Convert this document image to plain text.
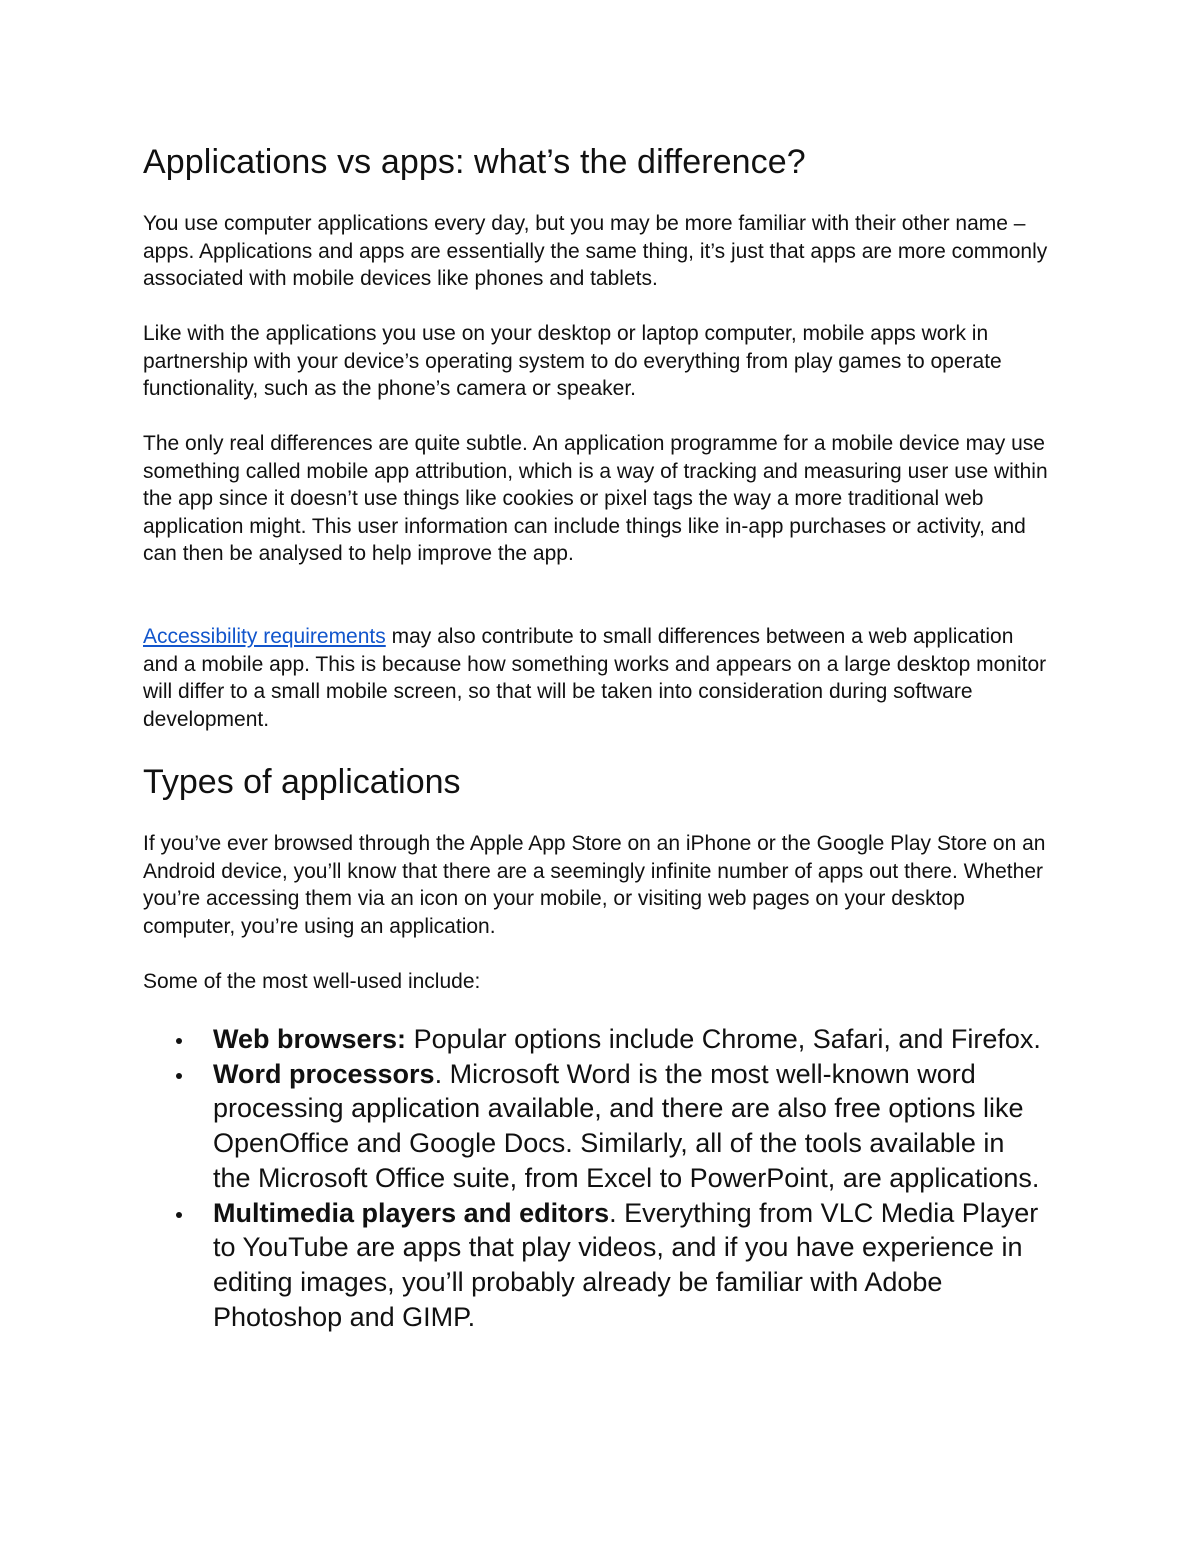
Applications vs apps: what’s the difference?

You use computer applications every day, but you may be more familiar with their other name – apps. Applications and apps are essentially the same thing, it’s just that apps are more commonly associated with mobile devices like phones and tablets.

Like with the applications you use on your desktop or laptop computer, mobile apps work in partnership with your device’s operating system to do everything from play games to operate functionality, such as the phone’s camera or speaker.

The only real differences are quite subtle. An application programme for a mobile device may use something called mobile app attribution, which is a way of tracking and measuring user use within the app since it doesn’t use things like cookies or pixel tags the way a more traditional web application might. This user information can include things like in-app purchases or activity, and can then be analysed to help improve the app.

Accessibility requirements may also contribute to small differences between a web application and a mobile app. This is because how something works and appears on a large desktop monitor will differ to a small mobile screen, so that will be taken into consideration during software development.

Types of applications

If you’ve ever browsed through the Apple App Store on an iPhone or the Google Play Store on an Android device, you’ll know that there are a seemingly infinite number of apps out there. Whether you’re accessing them via an icon on your mobile, or visiting web pages on your desktop computer, you’re using an application.

Some of the most well-used include:

Web browsers: Popular options include Chrome, Safari, and Firefox.
Word processors. Microsoft Word is the most well-known word processing application available, and there are also free options like OpenOffice and Google Docs. Similarly, all of the tools available in the Microsoft Office suite, from Excel to PowerPoint, are applications.
Multimedia players and editors. Everything from VLC Media Player to YouTube are apps that play videos, and if you have experience in editing images, you’ll probably already be familiar with Adobe Photoshop and GIMP.
